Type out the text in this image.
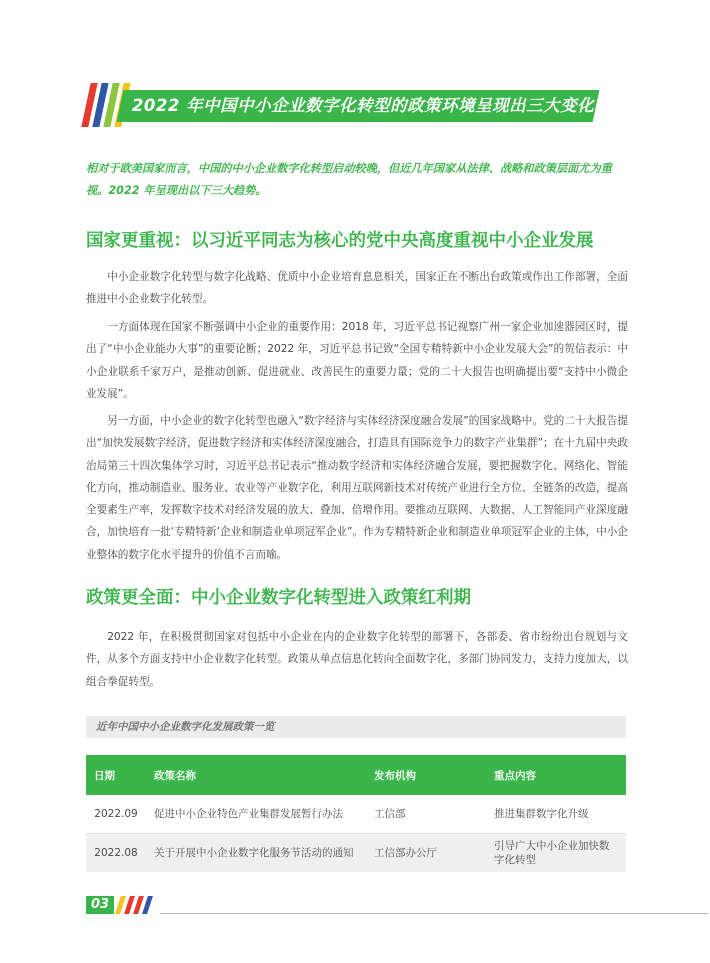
2022 年中国中小企业数字化转型的政策环境呈现出三大变化
相对于欧美国家而言，中国的中小企业数字化转型启动较晚，但近几年国家从法律、战略和政策层面尤为重视。2022 年呈现出以下三大趋势。
国家更重视：以习近平同志为核心的党中央高度重视中小企业发展
中小企业数字化转型与数字化战略、优质中小企业培育息息相关，国家正在不断出台政策或作出工作部署，全面推进中小企业数字化转型。
一方面体现在国家不断强调中小企业的重要作用：2018 年，习近平总书记视察广州一家企业加速器园区时，提出了“中小企业能办大事”的重要论断；2022 年，习近平总书记致“全国专精特新中小企业发展大会”的贺信表示：中小企业联系千家万户，是推动创新、促进就业、改善民生的重要力量；党的二十大报告也明确提出要“支持中小微企业发展”。
另一方面，中小企业的数字化转型也融入“数字经济与实体经济深度融合发展”的国家战略中。党的二十大报告提出“加快发展数字经济，促进数字经济和实体经济深度融合，打造具有国际竞争力的数字产业集群”；在十九届中央政治局第三十四次集体学习时，习近平总书记表示“推动数字经济和实体经济融合发展，要把握数字化、网络化、智能化方向，推动制造业、服务业、农业等产业数字化，利用互联网新技术对传统产业进行全方位、全链条的改造，提高全要素生产率，发挥数字技术对经济发展的放大、叠加、倍增作用。要推动互联网、大数据、人工智能同产业深度融合，加快培育一批‘专精特新’企业和制造业单项冠军企业”。作为专精特新企业和制造业单项冠军企业的主体，中小企业整体的数字化水平提升的价值不言而喻。
政策更全面：中小企业数字化转型进入政策红利期
2022 年，在积极贯彻国家对包括中小企业在内的企业数字化转型的部署下，各部委、省市纷纷出台规划与文件，从多个方面支持中小企业数字化转型。政策从单点信息化转向全面数字化，多部门协同发力，支持力度加大，以组合拳促转型。
近年中国中小企业数字化发展政策一览
日期	政策名称	发布机构	重点内容
2022.09	促进中小企业特色产业集群发展暂行办法	工信部	推进集群数字化升级
2022.08	关于开展中小企业数字化服务节活动的通知	工信部办公厅	引导广大中小企业加快数字化转型
03
